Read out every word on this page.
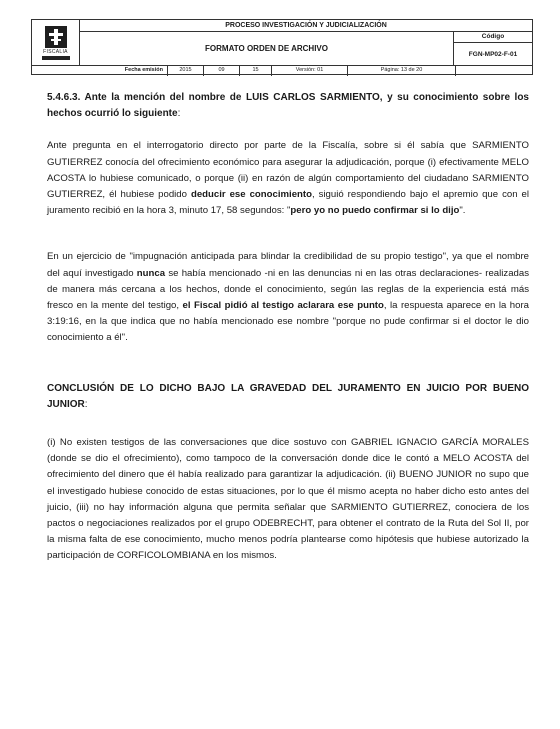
FISCALIA
PROCESO INVESTIGACIÓN Y JUDICIALIZACIÓN
FORMATO ORDEN DE ARCHIVO
Código
FGN-MP02-F-01
Fecha emisión	2015	09	15	Versión: 01	Página: 13 de 20

5.4.6.3. Ante la mención del nombre de LUIS CARLOS SARMIENTO, y su conocimiento sobre los hechos ocurrió lo siguiente:

Ante pregunta en el interrogatorio directo por parte de la Fiscalía, sobre si él sabía que SARMIENTO GUTIERREZ conocía del ofrecimiento económico para asegurar la adjudicación, porque (i) efectivamente MELO ACOSTA lo hubiese comunicado, o porque (ii) en razón de algún comportamiento del ciudadano SARMIENTO GUTIERREZ, él hubiese podido deducir ese conocimiento, siguió respondiendo bajo el apremio que con el juramento recibió en la hora 3, minuto 17, 58 segundos: "pero yo no puedo confirmar si lo dijo".

En un ejercicio de "impugnación anticipada para blindar la credibilidad de su propio testigo", ya que el nombre del aquí investigado nunca se había mencionado -ni en las denuncias ni en las otras declaraciones- realizadas de manera más cercana a los hechos, donde el conocimiento, según las reglas de la experiencia está más fresco en la mente del testigo, el Fiscal pidió al testigo aclarara ese punto, la respuesta aparece en la hora 3:19:16, en la que indica que no había mencionado ese nombre "porque no pude confirmar si el doctor le dio conocimiento a él".

CONCLUSIÓN DE LO DICHO BAJO LA GRAVEDAD DEL JURAMENTO EN JUICIO POR BUENO JUNIOR:

(i) No existen testigos de las conversaciones que dice sostuvo con GABRIEL IGNACIO GARCÍA MORALES (donde se dio el ofrecimiento), como tampoco de la conversación donde dice le contó a MELO ACOSTA del ofrecimiento del dinero que él había realizado para garantizar la adjudicación. (ii) BUENO JUNIOR no supo que el investigado hubiese conocido de estas situaciones, por lo que él mismo acepta no haber dicho esto antes del juicio, (iii) no hay información alguna que permita señalar que SARMIENTO GUTIERREZ, conociera de los pactos o negociaciones realizados por el grupo ODEBRECHT, para obtener el contrato de la Ruta del Sol II, por la misma falta de ese conocimiento, mucho menos podría plantearse como hipótesis que hubiese autorizado la participación de CORFICOLOMBIANA en los mismos.
